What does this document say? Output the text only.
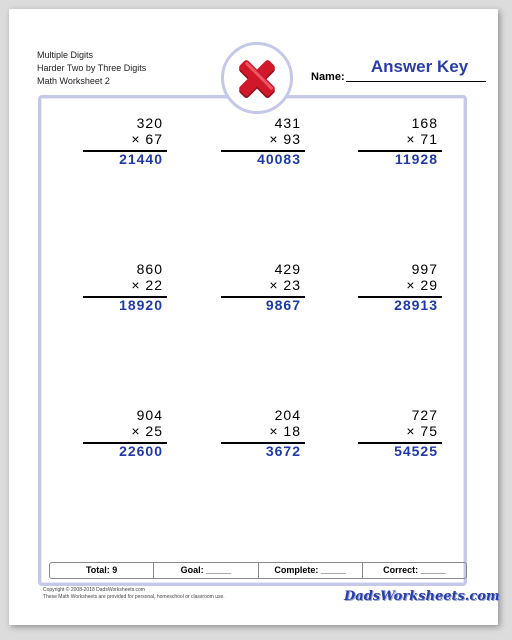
Multiple Digits
Harder Two by Three Digits
Math Worksheet 2	Name:
Answer Key
320
× 67
21440
431
× 93
40083
168
× 71
11928
860
× 22
18920
429
× 23
9867
997
× 29
28913
904
× 25
22600
204
× 18
3672
727
× 75
54525
Total: 9	Goal: _____	Complete: _____	Correct: _____
Copyright © 2008-2018 DadsWorksheets.com
These Math Worksheets are provided for personal, homeschool or classroom use.	DadsWorksheets.com
